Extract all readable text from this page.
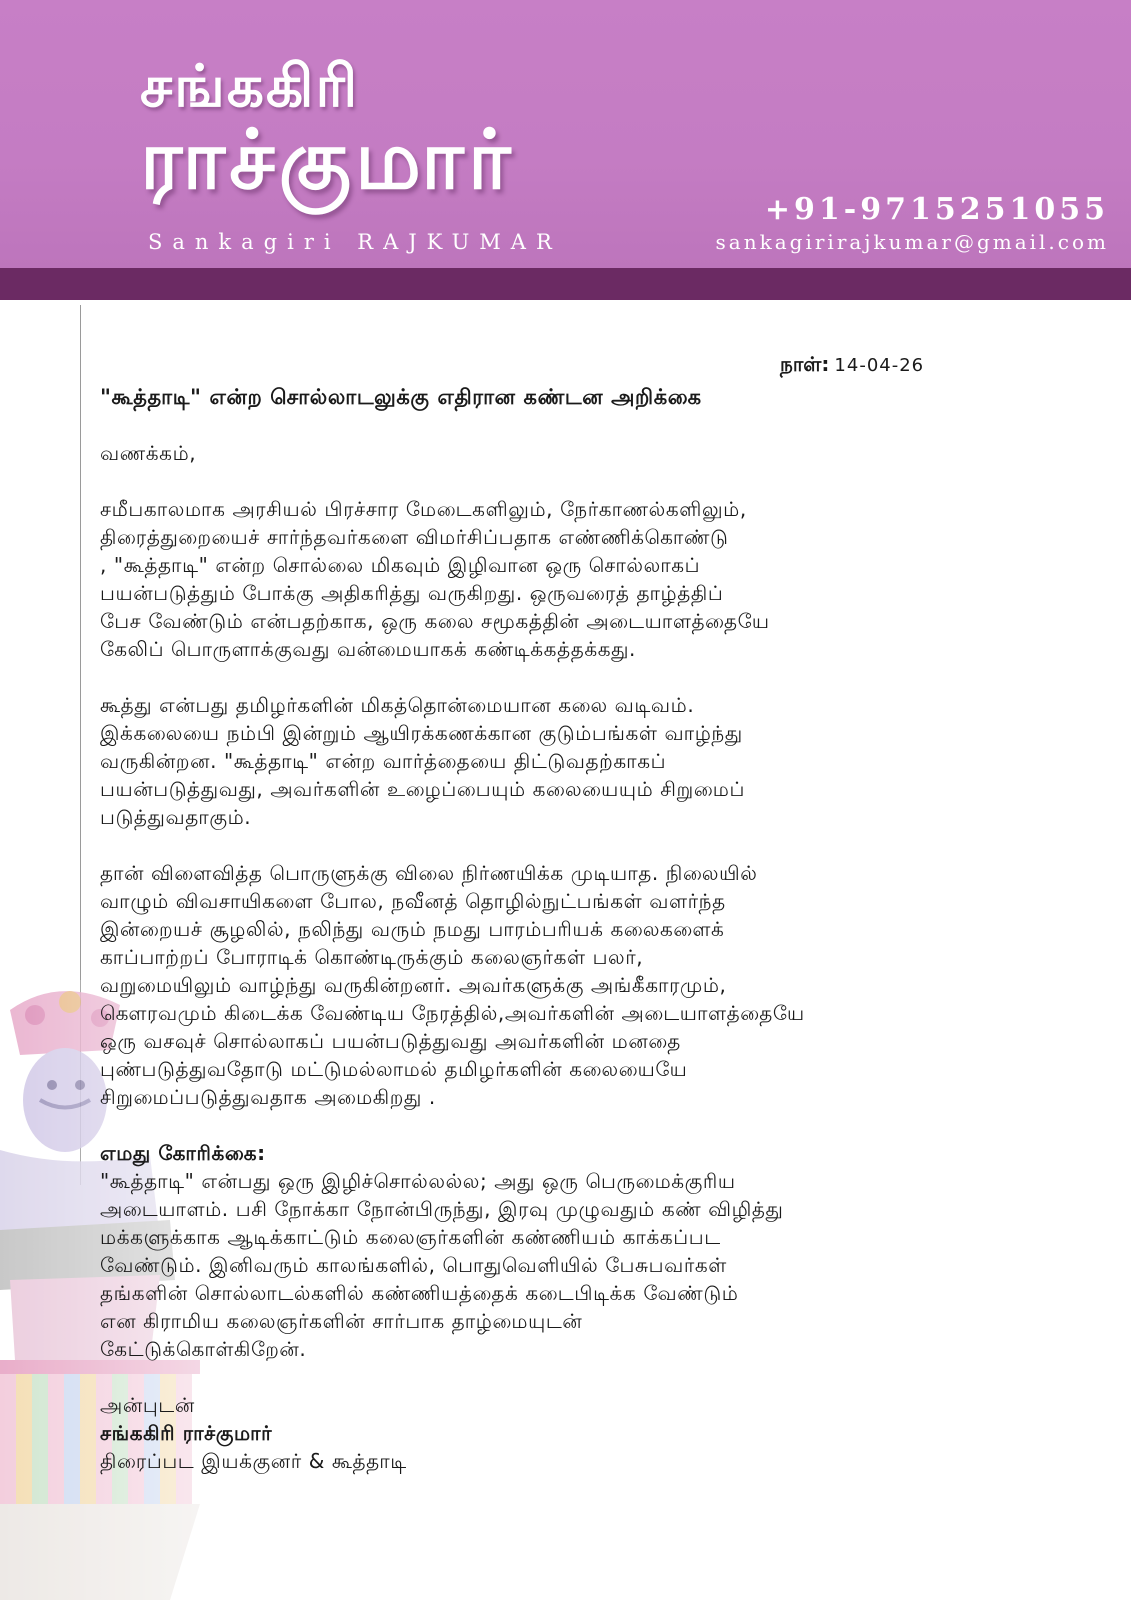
சங்ககிரி
ராச்குமார்
Sankagiri RAJKUMAR
+91-9715251055
sankagirirajkumar@gmail.com
நாள்: 14-04-26
"கூத்தாடி" என்ற சொல்லாடலுக்கு எதிரான கண்டன அறிக்கை
வணக்கம்,
சமீபகாலமாக அரசியல் பிரச்சார மேடைகளிலும், நேர்காணல்களிலும்,
திரைத்துறையைச் சார்ந்தவர்களை விமர்சிப்பதாக எண்ணிக்கொண்டு
, "கூத்தாடி" என்ற சொல்லை மிகவும் இழிவான ஒரு சொல்லாகப்
பயன்படுத்தும் போக்கு அதிகரித்து வருகிறது. ஒருவரைத் தாழ்த்திப்
பேச வேண்டும் என்பதற்காக, ஒரு கலை சமூகத்தின் அடையாளத்தையே
கேலிப் பொருளாக்குவது வன்மையாகக் கண்டிக்கத்தக்கது.
கூத்து என்பது தமிழர்களின் மிகத்தொன்மையான கலை வடிவம்.
இக்கலையை நம்பி இன்றும் ஆயிரக்கணக்கான குடும்பங்கள் வாழ்ந்து
வருகின்றன. "கூத்தாடி" என்ற வார்த்தையை திட்டுவதற்காகப்
பயன்படுத்துவது, அவர்களின் உழைப்பையும் கலையையும் சிறுமைப்
படுத்துவதாகும்.
தான் விளைவித்த பொருளுக்கு விலை நிர்ணயிக்க முடியாத. நிலையில்
வாழும் விவசாயிகளை போல, நவீனத் தொழில்நுட்பங்கள் வளர்ந்த
இன்றையச் சூழலில், நலிந்து வரும் நமது பாரம்பரியக் கலைகளைக்
காப்பாற்றப் போராடிக் கொண்டிருக்கும் கலைஞர்கள் பலர்,
வறுமையிலும் வாழ்ந்து வருகின்றனர். அவர்களுக்கு அங்கீகாரமும்,
கௌரவமும் கிடைக்க வேண்டிய நேரத்தில்,அவர்களின் அடையாளத்தையே
ஒரு வசவுச் சொல்லாகப் பயன்படுத்துவது அவர்களின் மனதை
புண்படுத்துவதோடு மட்டுமல்லாமல் தமிழர்களின் கலையையே
சிறுமைப்படுத்துவதாக அமைகிறது .
எமது கோரிக்கை:
"கூத்தாடி" என்பது ஒரு இழிச்சொல்லல்ல; அது ஒரு பெருமைக்குரிய
அடையாளம். பசி நோக்கா நோன்பிருந்து, இரவு முழுவதும் கண் விழித்து
மக்களுக்காக ஆடிக்காட்டும் கலைஞர்களின் கண்ணியம் காக்கப்பட
வேண்டும். இனிவரும் காலங்களில், பொதுவெளியில் பேசுபவர்கள்
தங்களின் சொல்லாடல்களில் கண்ணியத்தைக் கடைபிடிக்க வேண்டும்
என கிராமிய கலைஞர்களின் சார்பாக தாழ்மையுடன்
கேட்டுக்கொள்கிறேன்.
அன்புடன்
சங்ககிரி ராச்குமார்
திரைப்பட இயக்குனர் & கூத்தாடி
